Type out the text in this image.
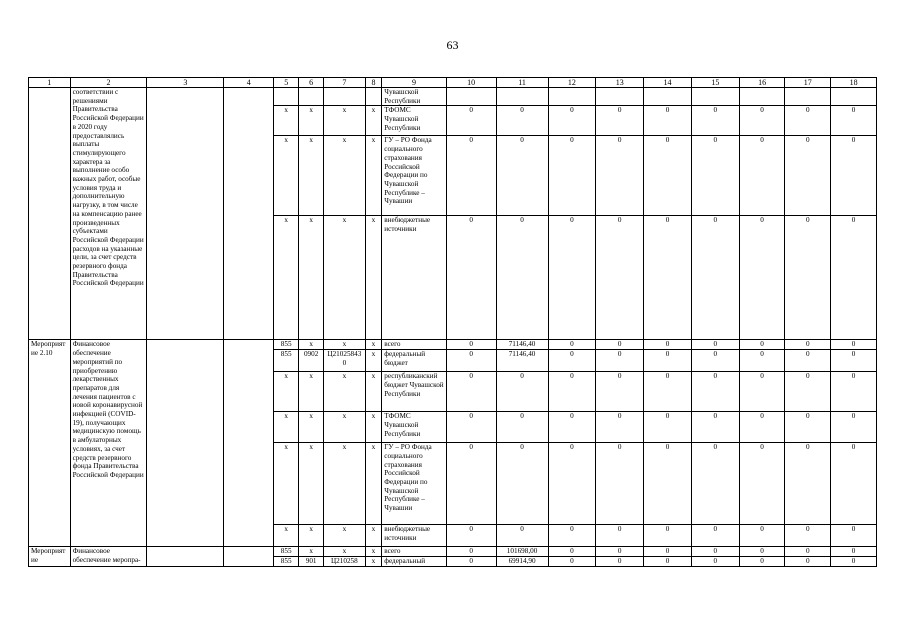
63
1	2	3	4	5	6	7	8	9	10	11	12	13	14	15	16	17	18
	соответствии с решениями Правительства Российской Федерации в 2020 году предоставлялись выплаты стимулирующего характера за выполнение особо важных работ, особые условия труда и дополнительную нагрузку, в том числе на компенсацию ранее произведенных субъектами Российской Федерации расходов на указанные цели, за счет средств резервного фонда Правительства Российской Федерации							Чувашской Республики									
				x	x	x	x	ТФОМС Чувашской Республики	0	0	0	0	0	0	0	0	0
				x	x	x	x	ГУ – РО Фонда социального страхования Российской Федерации по Чувашской Республике – Чувашии	0	0	0	0	0	0	0	0	0
				x	x	x	x	внебюджетные источники	0	0	0	0	0	0	0	0	0
Мероприятие 2.10	Финансовое обеспечение мероприятий по приобретению лекарственных препаратов для лечения пациентов с новой коронавирусной инфекцией (COVID-19), получающих медицинскую помощь в амбулаторных условиях, за счет средств резервного фонда Правительства Российской Федерации			855	x	x	x	всего	0	71146,40	0	0	0	0	0	0	0
				855	0902	Ц210258430	x	федеральный бюджет	0	71146,40	0	0	0	0	0	0	0
				x	x	x	x	республиканский бюджет Чувашской Республики	0	0	0	0	0	0	0	0	0
				x	x	x	x	ТФОМС Чувашской Республики	0	0	0	0	0	0	0	0	0
				x	x	x	x	ГУ – РО Фонда социального страхования Российской Федерации по Чувашской Республике – Чувашии	0	0	0	0	0	0	0	0	0
				x	x	x	x	внебюджетные источники	0	0	0	0	0	0	0	0	0
Мероприятие	Финансовое обеспечение меропра-			855	x	x	x	всего	0	101698,00	0	0	0	0	0	0	0
				855	901	Ц210258	x	федеральный	0	69914,90	0	0	0	0	0	0	0
